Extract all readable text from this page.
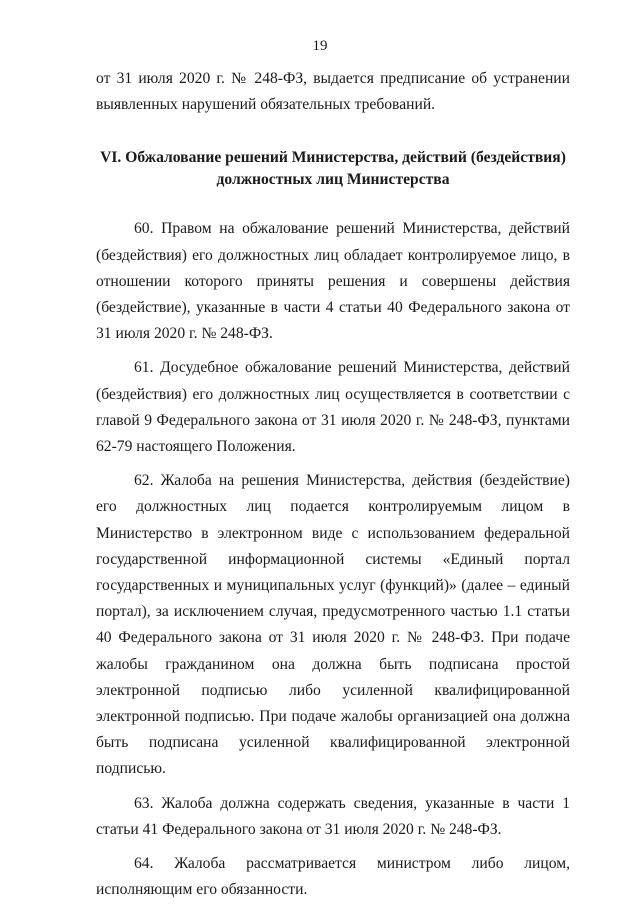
19

от 31 июля 2020 г. № 248-ФЗ, выдается предписание об устранении выявленных нарушений обязательных требований.

VI. Обжалование решений Министерства, действий (бездействия)
должностных лиц Министерства

60. Правом на обжалование решений Министерства, действий (бездействия) его должностных лиц обладает контролируемое лицо, в отношении которого приняты решения и совершены действия (бездействие), указанные в части 4 статьи 40 Федерального закона от 31 июля 2020 г. № 248-ФЗ.

61. Досудебное обжалование решений Министерства, действий (бездействия) его должностных лиц осуществляется в соответствии с главой 9 Федерального закона от 31 июля 2020 г. № 248-ФЗ, пунктами 62-79 настоящего Положения.

62. Жалоба на решения Министерства, действия (бездействие) его должностных лиц подается контролируемым лицом в Министерство в электронном виде с использованием федеральной государственной информационной системы «Единый портал государственных и муниципальных услуг (функций)» (далее – единый портал), за исключением случая, предусмотренного частью 1.1 статьи 40 Федерального закона от 31 июля 2020 г. № 248-ФЗ. При подаче жалобы гражданином она должна быть подписана простой электронной подписью либо усиленной квалифицированной электронной подписью. При подаче жалобы организацией она должна быть подписана усиленной квалифицированной электронной подписью.

63. Жалоба должна содержать сведения, указанные в части 1 статьи 41 Федерального закона от 31 июля 2020 г. № 248-ФЗ.

64. Жалоба рассматривается министром либо лицом, исполняющим его обязанности.
